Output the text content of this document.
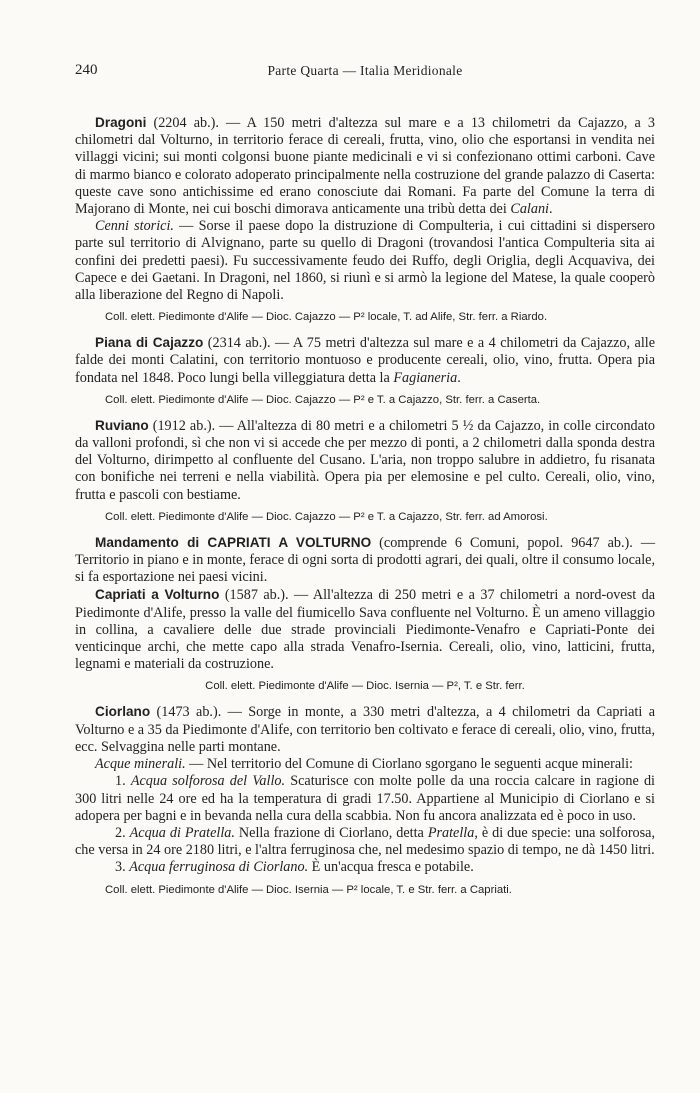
240	Parte Quarta — Italia Meridionale

Dragoni (2204 ab.). — A 150 metri d'altezza sul mare e a 13 chilometri da Cajazzo, a 3 chilometri dal Volturno, in territorio ferace di cereali, frutta, vino, olio che esportansi in vendita nei villaggi vicini; sui monti colgonsi buone piante medicinali e vi si confezionano ottimi carboni. Cave di marmo bianco e colorato adoperato principalmente nella costruzione del grande palazzo di Caserta: queste cave sono antichissime ed erano conosciute dai Romani. Fa parte del Comune la terra di Majorano di Monte, nei cui boschi dimorava anticamente una tribù detta dei Calani.

Cenni storici. — Sorse il paese dopo la distruzione di Compulteria, i cui cittadini si dispersero parte sul territorio di Alvignano, parte su quello di Dragoni (trovandosi l'antica Compulteria sita ai confini dei predetti paesi). Fu successivamente feudo dei Ruffo, degli Origlia, degli Acquaviva, dei Capece e dei Gaetani. In Dragoni, nel 1860, si riunì e si armò la legione del Matese, la quale cooperò alla liberazione del Regno di Napoli.

Coll. elett. Piedimonte d'Alife — Dioc. Cajazzo — P² locale, T. ad Alife, Str. ferr. a Riardo.

Piana di Cajazzo (2314 ab.). — A 75 metri d'altezza sul mare e a 4 chilometri da Cajazzo, alle falde dei monti Calatini, con territorio montuoso e producente cereali, olio, vino, frutta. Opera pia fondata nel 1848. Poco lungi bella villeggiatura detta la Fagianeria.

Coll. elett. Piedimonte d'Alife — Dioc. Cajazzo — P² e T. a Cajazzo, Str. ferr. a Caserta.

Ruviano (1912 ab.). — All'altezza di 80 metri e a chilometri 5 ½ da Cajazzo, in colle circondato da valloni profondi, sì che non vi si accede che per mezzo di ponti, a 2 chilometri dalla sponda destra del Volturno, dirimpetto al confluente del Cusano. L'aria, non troppo salubre in addietro, fu risanata con bonifiche nei terreni e nella viabilità. Opera pia per elemosine e pel culto. Cereali, olio, vino, frutta e pascoli con bestiame.

Coll. elett. Piedimonte d'Alife — Dioc. Cajazzo — P² e T. a Cajazzo, Str. ferr. ad Amorosi.

Mandamento di CAPRIATI A VOLTURNO (comprende 6 Comuni, popol. 9647 ab.). — Territorio in piano e in monte, ferace di ogni sorta di prodotti agrari, dei quali, oltre il consumo locale, si fa esportazione nei paesi vicini.

Capriati a Volturno (1587 ab.). — All'altezza di 250 metri e a 37 chilometri a nord-ovest da Piedimonte d'Alife, presso la valle del fiumicello Sava confluente nel Volturno. È un ameno villaggio in collina, a cavaliere delle due strade provinciali Piedimonte-Venafro e Capriati-Ponte dei venticinque archi, che mette capo alla strada Venafro-Isernia. Cereali, olio, vino, latticini, frutta, legnami e materiali da costruzione.

Coll. elett. Piedimonte d'Alife — Dioc. Isernia — P², T. e Str. ferr.

Ciorlano (1473 ab.). — Sorge in monte, a 330 metri d'altezza, a 4 chilometri da Capriati a Volturno e a 35 da Piedimonte d'Alife, con territorio ben coltivato e ferace di cereali, olio, vino, frutta, ecc. Selvaggina nelle parti montane.

Acque minerali. — Nel territorio del Comune di Ciorlano sgorgano le seguenti acque minerali:

1. Acqua solforosa del Vallo. Scaturisce con molte polle da una roccia calcare in ragione di 300 litri nelle 24 ore ed ha la temperatura di gradi 17.50. Appartiene al Municipio di Ciorlano e si adopera per bagni e in bevanda nella cura della scabbia. Non fu ancora analizzata ed è poco in uso.

2. Acqua di Pratella. Nella frazione di Ciorlano, detta Pratella, è di due specie: una solforosa, che versa in 24 ore 2180 litri, e l'altra ferruginosa che, nel medesimo spazio di tempo, ne dà 1450 litri.

3. Acqua ferruginosa di Ciorlano. È un'acqua fresca e potabile.

Coll. elett. Piedimonte d'Alife — Dioc. Isernia — P² locale, T. e Str. ferr. a Capriati.
